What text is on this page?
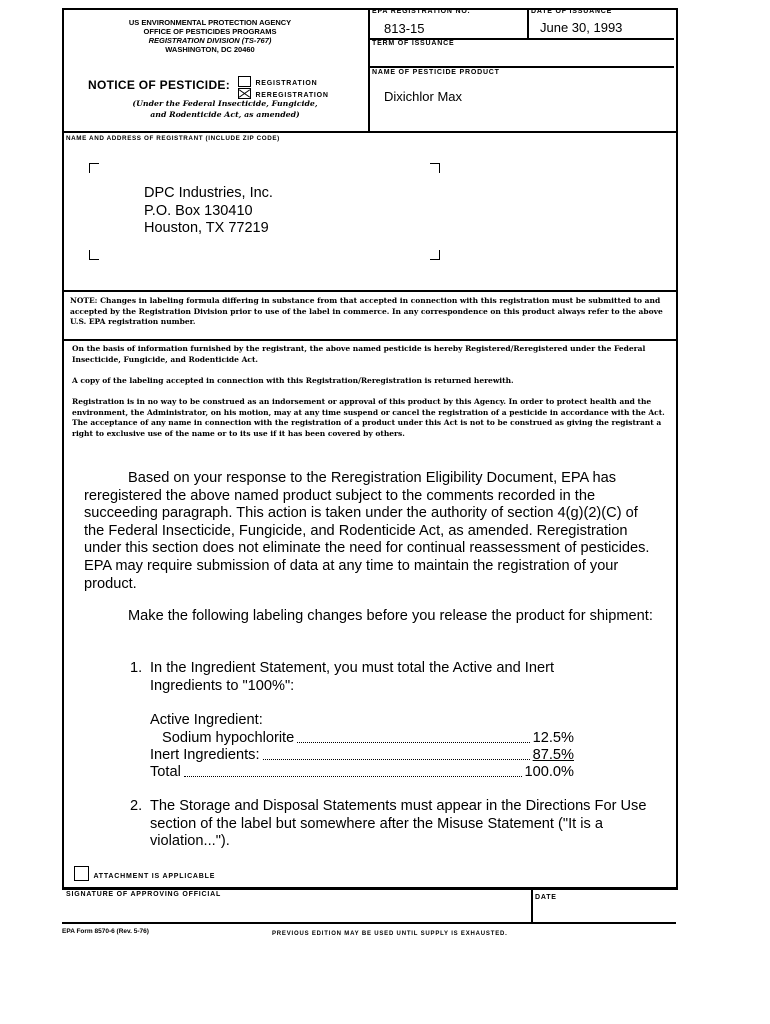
US ENVIRONMENTAL PROTECTION AGENCY
OFFICE OF PESTICIDES PROGRAMS
REGISTRATION DIVISION (TS-767)
WASHINGTON, DC 20460
NOTICE OF PESTICIDE:	REGISTRATION
REREGISTRATION
(Under the Federal Insecticide, Fungicide,
and Rodenticide Act, as amended)
EPA REGISTRATION NO.
813-15
DATE OF ISSUANCE
June 30, 1993
TERM OF ISSUANCE
NAME OF PESTICIDE PRODUCT
Dixichlor Max
NAME AND ADDRESS OF REGISTRANT (INCLUDE ZIP CODE)
DPC Industries, Inc.
P.O. Box 130410
Houston, TX 77219
NOTE: Changes in labeling formula differing in substance from that accepted in connection with this registration must be submitted to and accepted by the Registration Division prior to use of the label in commerce. In any correspondence on this product always refer to the above U.S. EPA registration number.
On the basis of information furnished by the registrant, the above named pesticide is hereby Registered/Reregistered under the Federal Insecticide, Fungicide, and Rodenticide Act.
A copy of the labeling accepted in connection with this Registration/Reregistration is returned herewith.
Registration is in no way to be construed as an indorsement or approval of this product by this Agency. In order to protect health and the environment, the Administrator, on his motion, may at any time suspend or cancel the registration of a pesticide in accordance with the Act. The acceptance of any name in connection with the registration of a product under this Act is not to be construed as giving the registrant a right to exclusive use of the name or to its use if it has been covered by others.
Based on your response to the Reregistration Eligibility Document, EPA has reregistered the above named product subject to the comments recorded in the succeeding paragraph. This action is taken under the authority of section 4(g)(2)(C) of the Federal Insecticide, Fungicide, and Rodenticide Act, as amended. Reregistration under this section does not eliminate the need for continual reassessment of pesticides. EPA may require submission of data at any time to maintain the registration of your product.
Make the following labeling changes before you release the product for shipment:
1. In the Ingredient Statement, you must total the Active and Inert Ingredients to "100%":
Active Ingredient:
Sodium hypochlorite	12.5%
Inert Ingredients:	87.5%
Total	100.0%
2. The Storage and Disposal Statements must appear in the Directions For Use section of the label but somewhere after the Misuse Statement ("It is a violation...").
ATTACHMENT IS APPLICABLE
SIGNATURE OF APPROVING OFFICIAL	DATE
EPA Form 8570-6 (Rev. 5-76)	PREVIOUS EDITION MAY BE USED UNTIL SUPPLY IS EXHAUSTED.
